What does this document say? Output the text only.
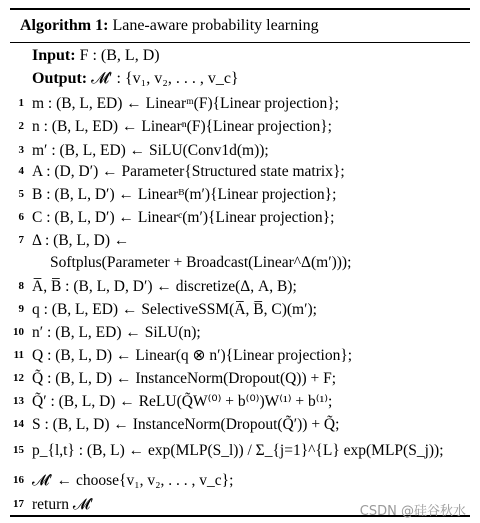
Algorithm 1: Lane-aware probability learning
Input: F : (B, L, D)
Output: 𝓜′ : {v₁, v₂, . . . , v_c}
1 m : (B, L, ED) ← Linearᵐ(F){Linear projection};
2 n : (B, L, ED) ← Linearⁿ(F){Linear projection};
3 m′ : (B, L, ED) ← SiLU(Conv1d(m));
4 A : (D, D′) ← Parameter{Structured state matrix};
5 B : (B, L, D′) ← Linearᴮ(m′){Linear projection};
6 C : (B, L, D′) ← Linearᶜ(m′){Linear projection};
7 Δ : (B, L, D) ←
Softplus(Parameter + Broadcast(Linear^Δ(m′)));
8 A̅, B̅ : (B, L, D, D′) ← discretize(Δ, A, B);
9 q : (B, L, ED) ← SelectiveSSM(A̅, B̅, C)(m′);
10 n′ : (B, L, ED) ← SiLU(n);
11 Q : (B, L, D) ← Linear(q ⊗ n′){Linear projection};
12 Q̃ : (B, L, D) ← InstanceNorm(Dropout(Q)) + F;
13 Q̃′ : (B, L, D) ← ReLU(Q̃W⁽⁰⁾ + b⁽⁰⁾)W⁽¹⁾ + b⁽¹⁾;
14 S : (B, L, D) ← InstanceNorm(Dropout(Q̃′)) + Q̃;
15 p_{l,t} : (B, L) ← exp(MLP(S_l)) / Σ_{j=1}^{L} exp(MLP(S_j));
16 𝓜′ ← choose{v₁, v₂, . . . , v_c};
17 return 𝓜′	CSDN @硅谷秋水
